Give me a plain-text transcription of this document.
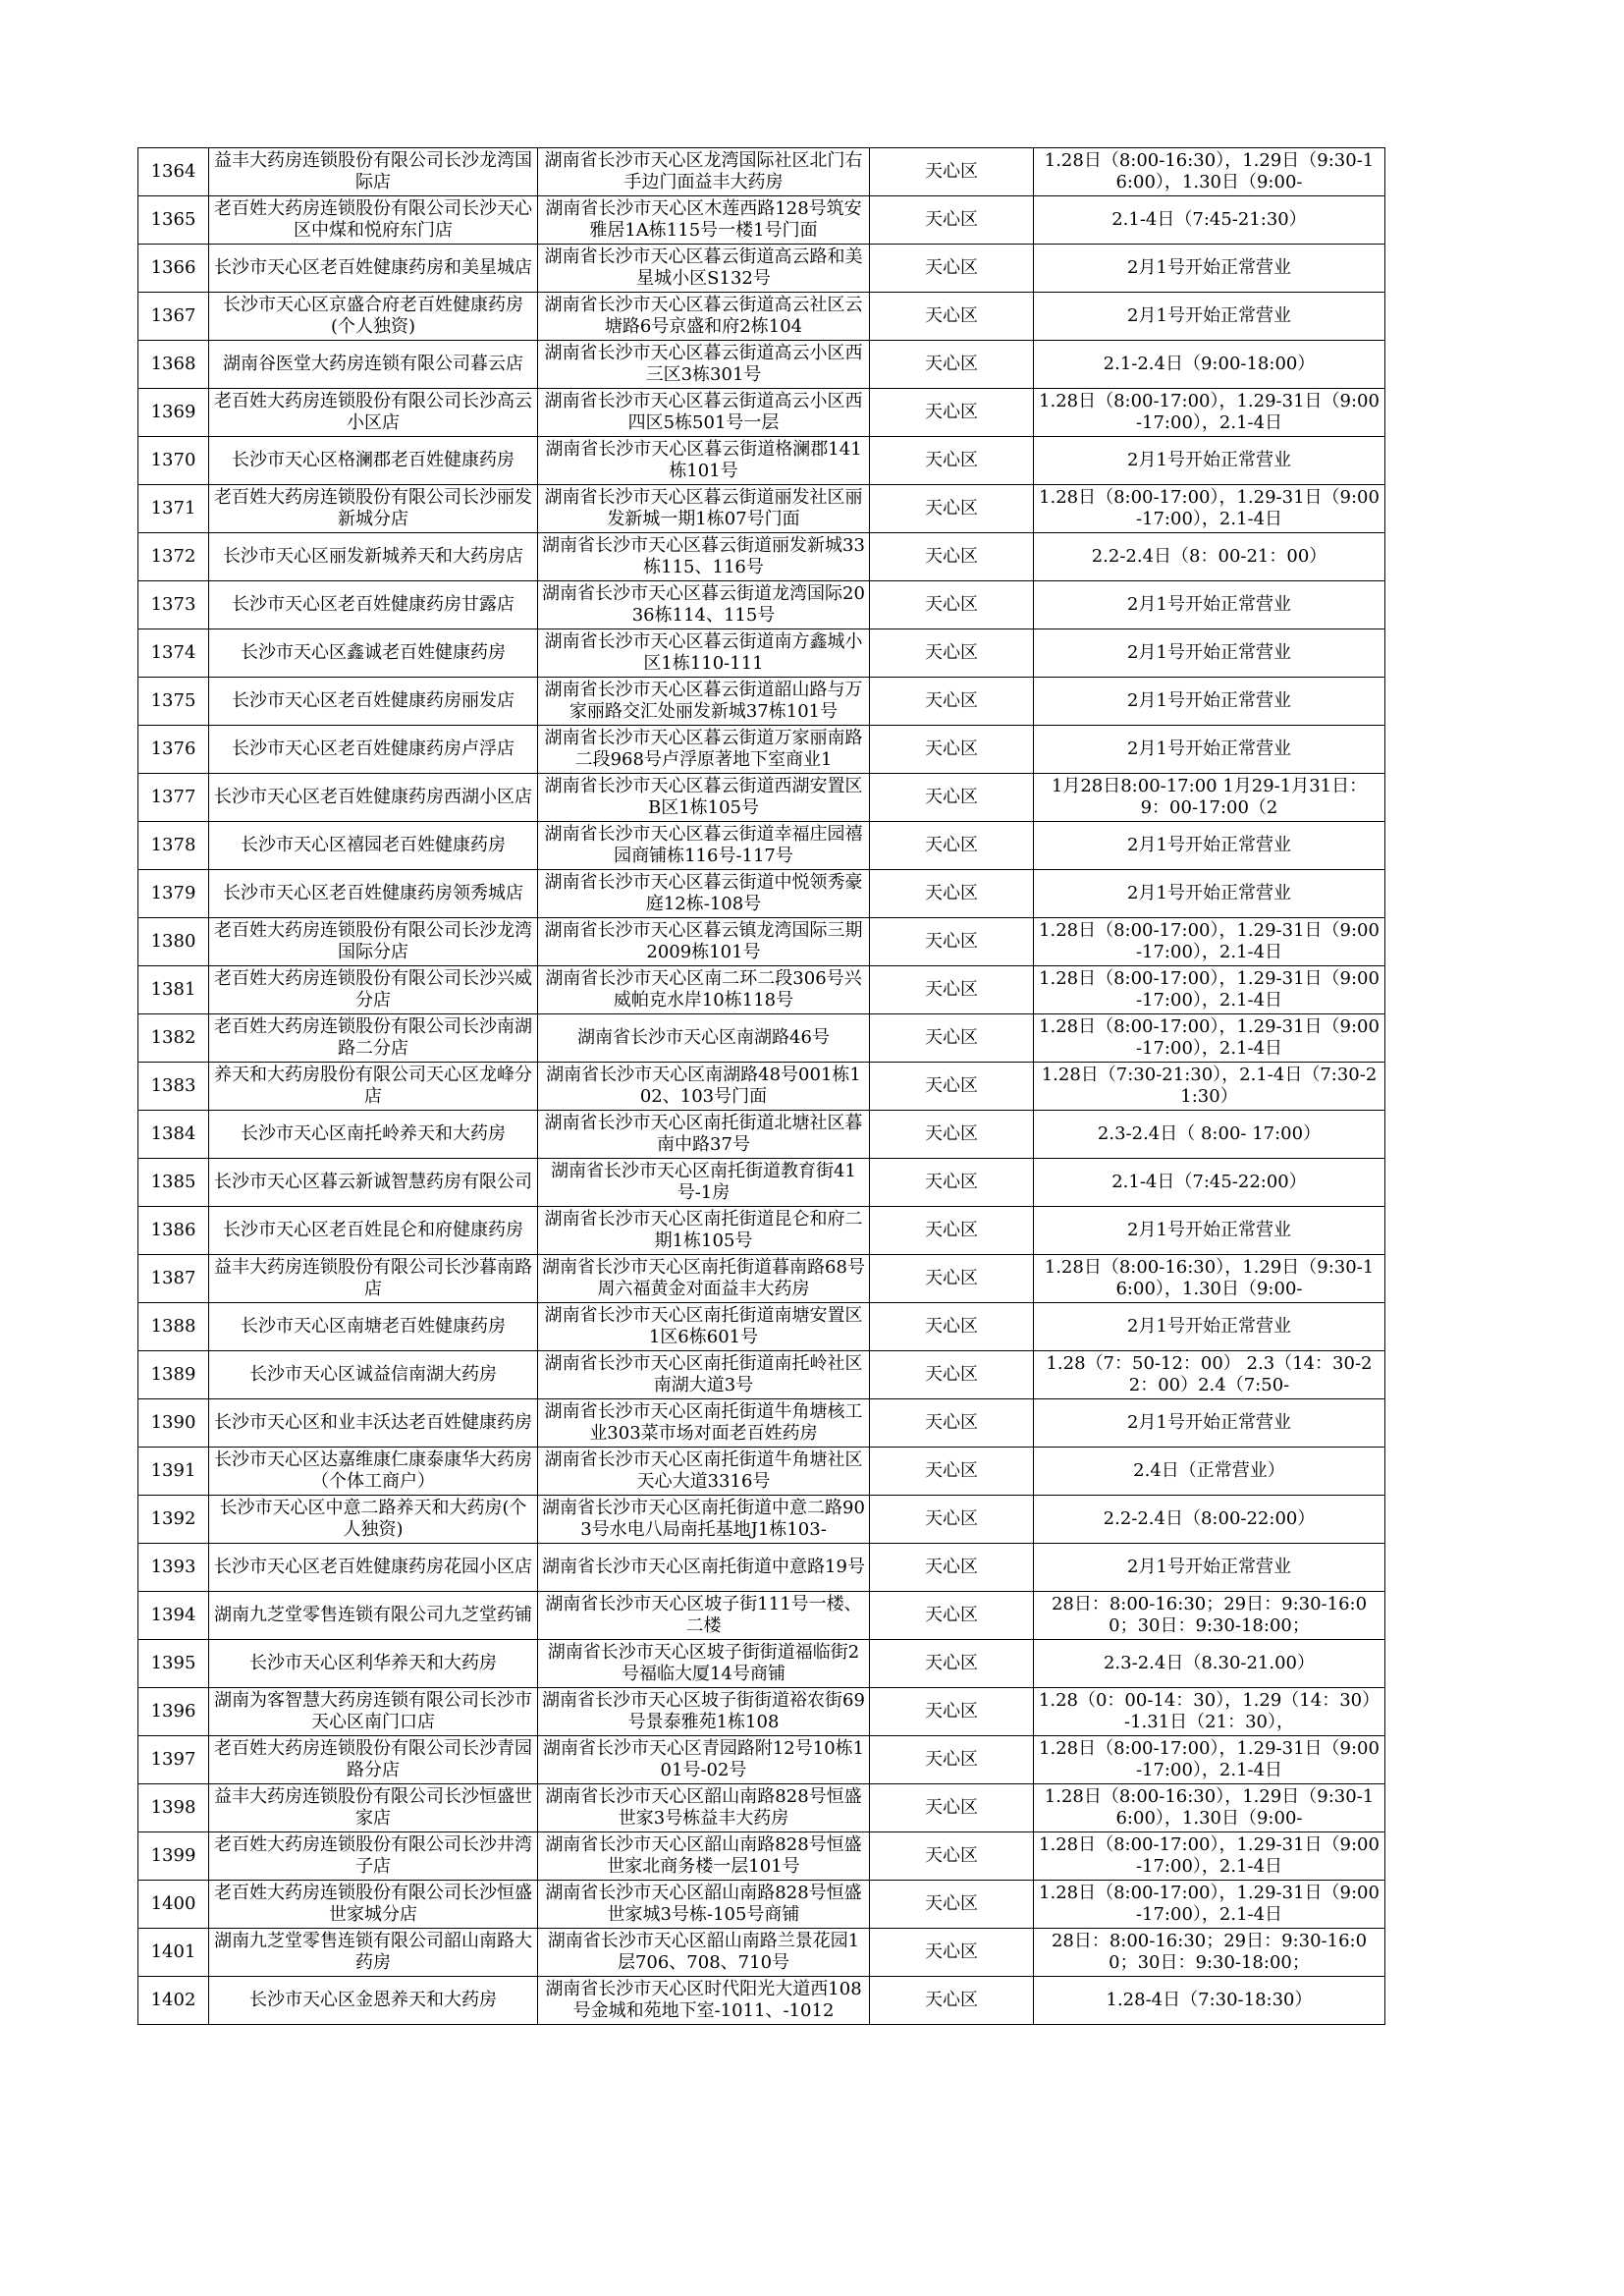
1364	益丰大药房连锁股份有限公司长沙龙湾国际店	湖南省长沙市天心区龙湾国际社区北门右手边门面益丰大药房	天心区	1.28日（8:00-16:30），1.29日（9:30-16:00），1.30日（9:00-

1365	老百姓大药房连锁股份有限公司长沙天心区中煤和悦府东门店	湖南省长沙市天心区木莲西路128号筑安雅居1A栋115号一楼1号门面	天心区	2.1-4日（7:45-21:30）

1366	长沙市天心区老百姓健康药房和美星城店	湖南省长沙市天心区暮云街道高云路和美星城小区S132号	天心区	2月1号开始正常营业

1367	长沙市天心区京盛合府老百姓健康药房(个人独资)	湖南省长沙市天心区暮云街道高云社区云塘路6号京盛和府2栋104	天心区	2月1号开始正常营业

1368	湖南谷医堂大药房连锁有限公司暮云店	湖南省长沙市天心区暮云街道高云小区西三区3栋301号	天心区	2.1-2.4日（9:00-18:00）

1369	老百姓大药房连锁股份有限公司长沙高云小区店	湖南省长沙市天心区暮云街道高云小区西四区5栋501号一层	天心区	1.28日（8:00-17:00），1.29-31日（9:00-17:00），2.1-4日

1370	长沙市天心区格澜郡老百姓健康药房	湖南省长沙市天心区暮云街道格澜郡141栋101号	天心区	2月1号开始正常营业

1371	老百姓大药房连锁股份有限公司长沙丽发新城分店	湖南省长沙市天心区暮云街道丽发社区丽发新城一期1栋07号门面	天心区	1.28日（8:00-17:00），1.29-31日（9:00-17:00），2.1-4日

1372	长沙市天心区丽发新城养天和大药房店	湖南省长沙市天心区暮云街道丽发新城33栋115、116号	天心区	2.2-2.4日（8：00-21：00）

1373	长沙市天心区老百姓健康药房甘露店	湖南省长沙市天心区暮云街道龙湾国际2036栋114、115号	天心区	2月1号开始正常营业

1374	长沙市天心区鑫诚老百姓健康药房	湖南省长沙市天心区暮云街道南方鑫城小区1栋110-111	天心区	2月1号开始正常营业

1375	长沙市天心区老百姓健康药房丽发店	湖南省长沙市天心区暮云街道韶山路与万家丽路交汇处丽发新城37栋101号	天心区	2月1号开始正常营业

1376	长沙市天心区老百姓健康药房卢浮店	湖南省长沙市天心区暮云街道万家丽南路二段968号卢浮原著地下室商业1	天心区	2月1号开始正常营业

1377	长沙市天心区老百姓健康药房西湖小区店	湖南省长沙市天心区暮云街道西湖安置区B区1栋105号	天心区	1月28日8:00-17:00 1月29-1月31日：9：00-17:00（2

1378	长沙市天心区禧园老百姓健康药房	湖南省长沙市天心区暮云街道幸福庄园禧园商铺栋116号-117号	天心区	2月1号开始正常营业

1379	长沙市天心区老百姓健康药房领秀城店	湖南省长沙市天心区暮云街道中悦领秀豪庭12栋-108号	天心区	2月1号开始正常营业

1380	老百姓大药房连锁股份有限公司长沙龙湾国际分店	湖南省长沙市天心区暮云镇龙湾国际三期2009栋101号	天心区	1.28日（8:00-17:00），1.29-31日（9:00-17:00），2.1-4日

1381	老百姓大药房连锁股份有限公司长沙兴威分店	湖南省长沙市天心区南二环二段306号兴威帕克水岸10栋118号	天心区	1.28日（8:00-17:00），1.29-31日（9:00-17:00），2.1-4日

1382	老百姓大药房连锁股份有限公司长沙南湖路二分店	湖南省长沙市天心区南湖路46号	天心区	1.28日（8:00-17:00），1.29-31日（9:00-17:00），2.1-4日

1383	养天和大药房股份有限公司天心区龙峰分店	湖南省长沙市天心区南湖路48号001栋102、103号门面	天心区	1.28日（7:30-21:30），2.1-4日（7:30-21:30）

1384	长沙市天心区南托岭养天和大药房	湖南省长沙市天心区南托街道北塘社区暮南中路37号	天心区	2.3-2.4日（ 8:00- 17:00）

1385	长沙市天心区暮云新诚智慧药房有限公司	湖南省长沙市天心区南托街道教育街41号-1房	天心区	2.1-4日（7:45-22:00）

1386	长沙市天心区老百姓昆仑和府健康药房	湖南省长沙市天心区南托街道昆仑和府二期1栋105号	天心区	2月1号开始正常营业

1387	益丰大药房连锁股份有限公司长沙暮南路店	湖南省长沙市天心区南托街道暮南路68号周六福黄金对面益丰大药房	天心区	1.28日（8:00-16:30），1.29日（9:30-16:00），1.30日（9:00-

1388	长沙市天心区南塘老百姓健康药房	湖南省长沙市天心区南托街道南塘安置区1区6栋601号	天心区	2月1号开始正常营业

1389	长沙市天心区诚益信南湖大药房	湖南省长沙市天心区南托街道南托岭社区南湖大道3号	天心区	1.28（7：50-12：00） 2.3（14：30-22：00）2.4（7:50-

1390	长沙市天心区和业丰沃达老百姓健康药房	湖南省长沙市天心区南托街道牛角塘核工业303菜市场对面老百姓药房	天心区	2月1号开始正常营业

1391	长沙市天心区达嘉维康仁康泰康华大药房（个体工商户）	湖南省长沙市天心区南托街道牛角塘社区天心大道3316号	天心区	2.4日（正常营业）

1392	长沙市天心区中意二路养天和大药房(个人独资)	湖南省长沙市天心区南托街道中意二路903号水电八局南托基地J1栋103-	天心区	2.2-2.4日（8:00-22:00）

1393	长沙市天心区老百姓健康药房花园小区店	湖南省长沙市天心区南托街道中意路19号	天心区	2月1号开始正常营业

1394	湖南九芝堂零售连锁有限公司九芝堂药铺	湖南省长沙市天心区坡子街111号一楼、二楼	天心区	28日：8:00-16:30；29日：9:30-16:00；30日：9:30-18:00；

1395	长沙市天心区利华养天和大药房	湖南省长沙市天心区坡子街街道福临街2号福临大厦14号商铺	天心区	2.3-2.4日（8.30-21.00）

1396	湖南为客智慧大药房连锁有限公司长沙市天心区南门口店	湖南省长沙市天心区坡子街街道裕农街69号景泰雅苑1栋108	天心区	1.28（0：00-14：30），1.29（14：30）-1.31日（21：30），

1397	老百姓大药房连锁股份有限公司长沙青园路分店	湖南省长沙市天心区青园路附12号10栋101号-02号	天心区	1.28日（8:00-17:00），1.29-31日（9:00-17:00），2.1-4日

1398	益丰大药房连锁股份有限公司长沙恒盛世家店	湖南省长沙市天心区韶山南路828号恒盛世家3号栋益丰大药房	天心区	1.28日（8:00-16:30），1.29日（9:30-16:00），1.30日（9:00-

1399	老百姓大药房连锁股份有限公司长沙井湾子店	湖南省长沙市天心区韶山南路828号恒盛世家北商务楼一层101号	天心区	1.28日（8:00-17:00），1.29-31日（9:00-17:00），2.1-4日

1400	老百姓大药房连锁股份有限公司长沙恒盛世家城分店	湖南省长沙市天心区韶山南路828号恒盛世家城3号栋-105号商铺	天心区	1.28日（8:00-17:00），1.29-31日（9:00-17:00），2.1-4日

1401	湖南九芝堂零售连锁有限公司韶山南路大药房	湖南省长沙市天心区韶山南路兰景花园1层706、708、710号	天心区	28日：8:00-16:30；29日：9:30-16:00；30日：9:30-18:00；

1402	长沙市天心区金恩养天和大药房	湖南省长沙市天心区时代阳光大道西108号金城和苑地下室-1011、-1012	天心区	1.28-4日（7:30-18:30）
